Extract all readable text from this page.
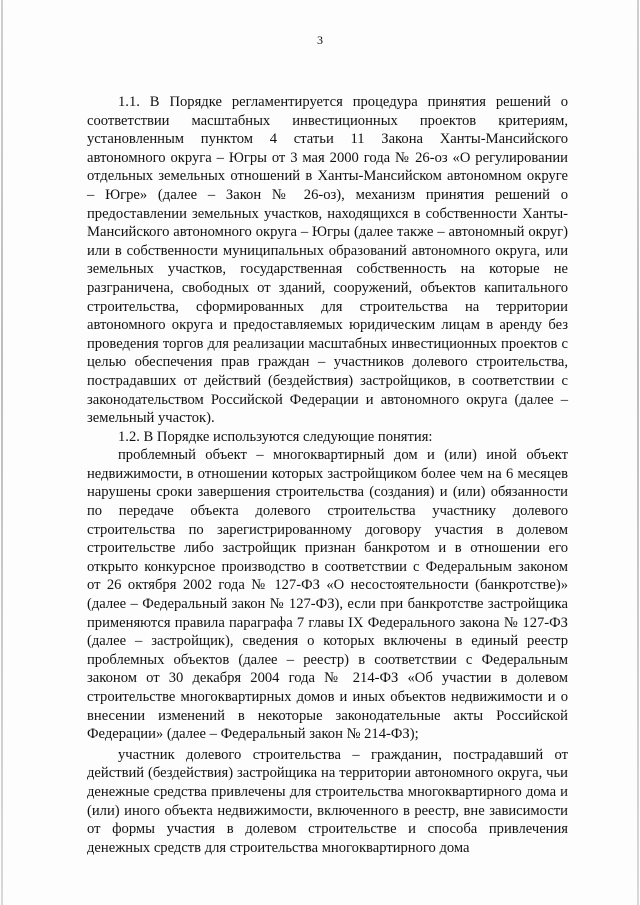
3

1.1. В Порядке регламентируется процедура принятия решений о соответствии масштабных инвестиционных проектов критериям, установленным пунктом 4 статьи 11 Закона Ханты-Мансийского автономного округа – Югры от 3 мая 2000 года № 26-оз «О регулировании отдельных земельных отношений в Ханты-Мансийском автономном округе – Югре» (далее – Закон № 26-оз), механизм принятия решений о предоставлении земельных участков, находящихся в собственности Ханты-Мансийского автономного округа – Югры (далее также – автономный округ) или в собственности муниципальных образований автономного округа, или земельных участков, государственная собственность на которые не разграничена, свободных от зданий, сооружений, объектов капитального строительства, сформированных для строительства на территории автономного округа и предоставляемых юридическим лицам в аренду без проведения торгов для реализации масштабных инвестиционных проектов с целью обеспечения прав граждан – участников долевого строительства, пострадавших от действий (бездействия) застройщиков, в соответствии с законодательством Российской Федерации и автономного округа (далее – земельный участок).

1.2. В Порядке используются следующие понятия:

проблемный объект – многоквартирный дом и (или) иной объект недвижимости, в отношении которых застройщиком более чем на 6 месяцев нарушены сроки завершения строительства (создания) и (или) обязанности по передаче объекта долевого строительства участнику долевого строительства по зарегистрированному договору участия в долевом строительстве либо застройщик признан банкротом и в отношении его открыто конкурсное производство в соответствии с Федеральным законом от 26 октября 2002 года № 127-ФЗ «О несостоятельности (банкротстве)» (далее – Федеральный закон № 127-ФЗ), если при банкротстве застройщика применяются правила параграфа 7 главы IX Федерального закона № 127-ФЗ (далее – застройщик), сведения о которых включены в единый реестр проблемных объектов (далее – реестр) в соответствии с Федеральным законом от 30 декабря 2004 года № 214-ФЗ «Об участии в долевом строительстве многоквартирных домов и иных объектов недвижимости и о внесении изменений в некоторые законодательные акты Российской Федерации» (далее – Федеральный закон № 214-ФЗ);

участник долевого строительства – гражданин, пострадавший от действий (бездействия) застройщика на территории автономного округа, чьи денежные средства привлечены для строительства многоквартирного дома и (или) иного объекта недвижимости, включенного в реестр, вне зависимости от формы участия в долевом строительстве и способа привлечения денежных средств для строительства многоквартирного дома
